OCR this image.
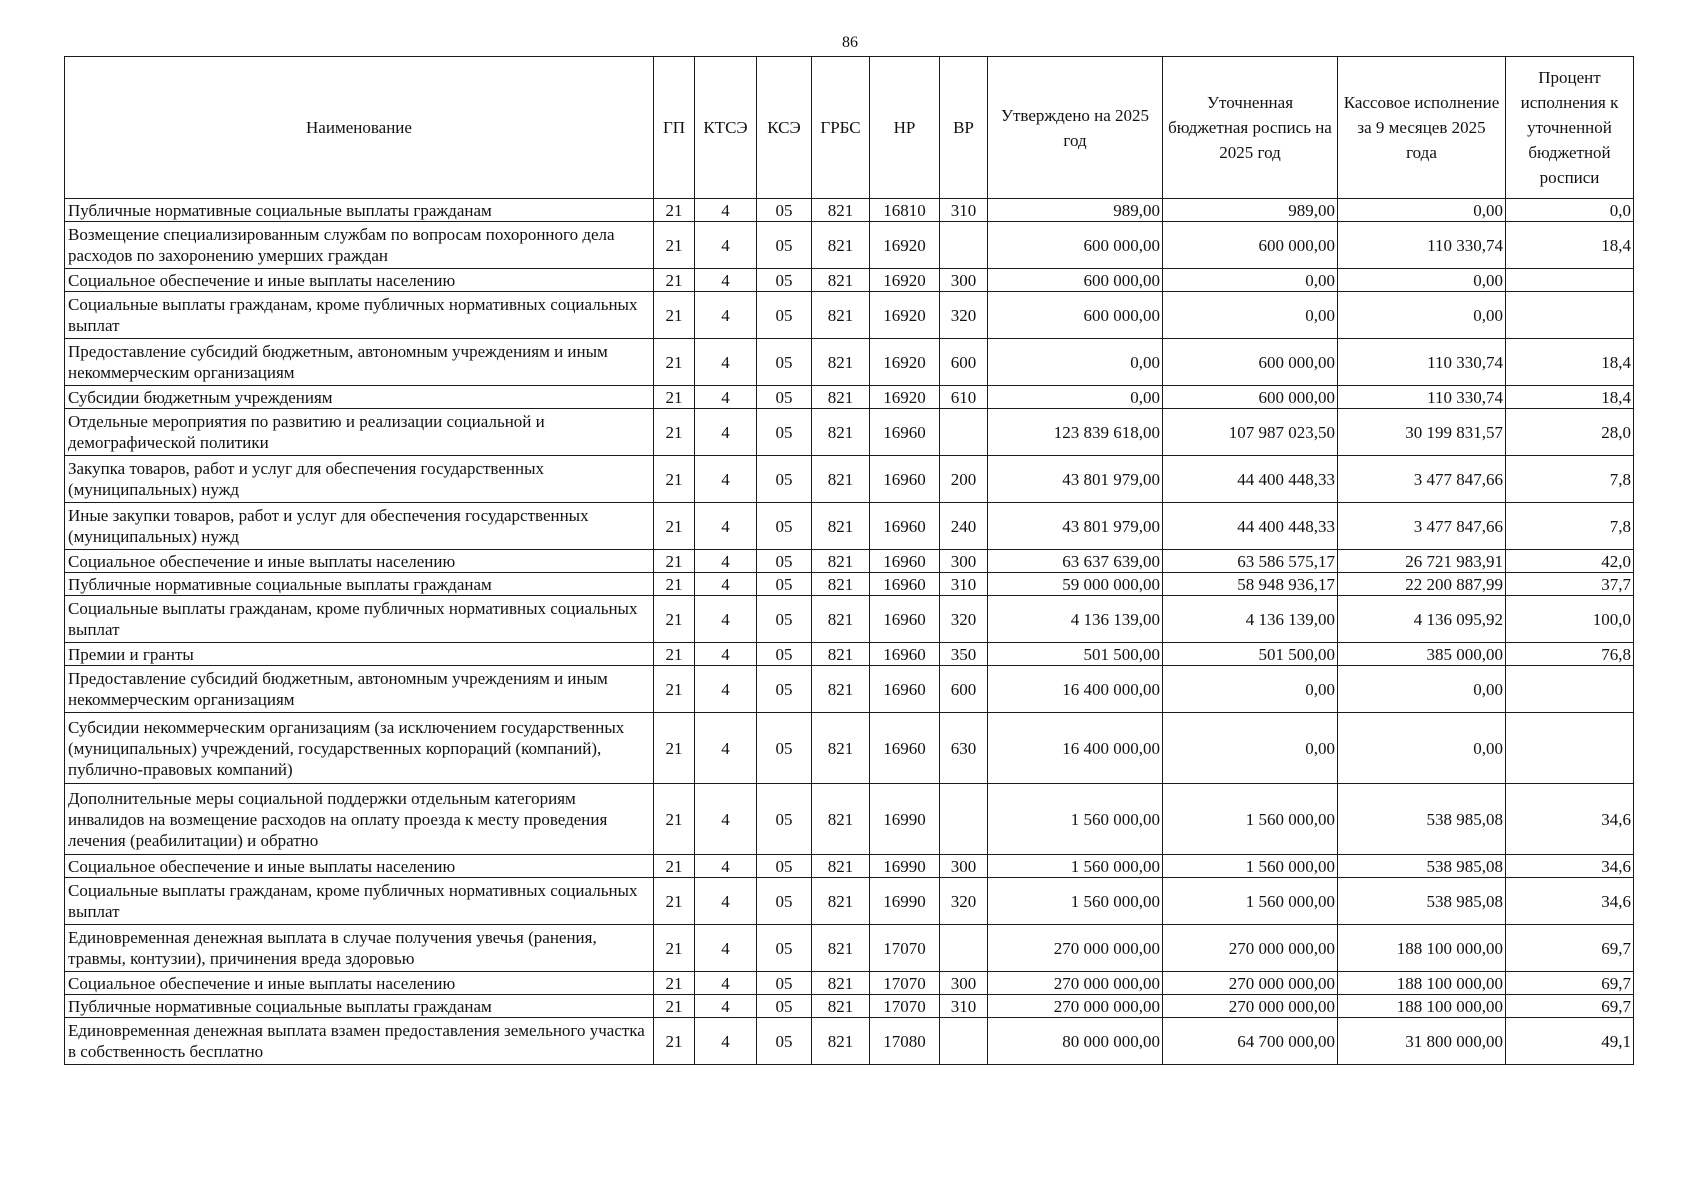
86
Наименование	ГП	КТСЭ	КСЭ	ГРБС	НР	ВР	Утверждено на 2025 год	Уточненная бюджетная роспись на 2025 год	Кассовое исполнение за 9 месяцев 2025 года	Процент исполнения к уточненной бюджетной росписи
Публичные нормативные социальные выплаты гражданам	21	4	05	821	16810	310	989,00	989,00	0,00	0,0
Возмещение специализированным службам по вопросам похоронного дела расходов по захоронению умерших граждан	21	4	05	821	16920		600 000,00	600 000,00	110 330,74	18,4
Социальное обеспечение и иные выплаты населению	21	4	05	821	16920	300	600 000,00	0,00	0,00	
Социальные выплаты гражданам, кроме публичных нормативных социальных выплат	21	4	05	821	16920	320	600 000,00	0,00	0,00	
Предоставление субсидий бюджетным, автономным учреждениям и иным некоммерческим организациям	21	4	05	821	16920	600	0,00	600 000,00	110 330,74	18,4
Субсидии бюджетным учреждениям	21	4	05	821	16920	610	0,00	600 000,00	110 330,74	18,4
Отдельные мероприятия по развитию и реализации социальной и демографической политики	21	4	05	821	16960		123 839 618,00	107 987 023,50	30 199 831,57	28,0
Закупка товаров, работ и услуг для обеспечения государственных (муниципальных) нужд	21	4	05	821	16960	200	43 801 979,00	44 400 448,33	3 477 847,66	7,8
Иные закупки товаров, работ и услуг для обеспечения государственных (муниципальных) нужд	21	4	05	821	16960	240	43 801 979,00	44 400 448,33	3 477 847,66	7,8
Социальное обеспечение и иные выплаты населению	21	4	05	821	16960	300	63 637 639,00	63 586 575,17	26 721 983,91	42,0
Публичные нормативные социальные выплаты гражданам	21	4	05	821	16960	310	59 000 000,00	58 948 936,17	22 200 887,99	37,7
Социальные выплаты гражданам, кроме публичных нормативных социальных выплат	21	4	05	821	16960	320	4 136 139,00	4 136 139,00	4 136 095,92	100,0
Премии и гранты	21	4	05	821	16960	350	501 500,00	501 500,00	385 000,00	76,8
Предоставление субсидий бюджетным, автономным учреждениям и иным некоммерческим организациям	21	4	05	821	16960	600	16 400 000,00	0,00	0,00	
Субсидии некоммерческим организациям (за исключением государственных (муниципальных) учреждений, государственных корпораций (компаний), публично-правовых компаний)	21	4	05	821	16960	630	16 400 000,00	0,00	0,00	
Дополнительные меры социальной поддержки отдельным категориям инвалидов на возмещение расходов на оплату проезда к месту проведения лечения (реабилитации) и обратно	21	4	05	821	16990		1 560 000,00	1 560 000,00	538 985,08	34,6
Социальное обеспечение и иные выплаты населению	21	4	05	821	16990	300	1 560 000,00	1 560 000,00	538 985,08	34,6
Социальные выплаты гражданам, кроме публичных нормативных социальных выплат	21	4	05	821	16990	320	1 560 000,00	1 560 000,00	538 985,08	34,6
Единовременная денежная выплата в случае получения увечья (ранения, травмы, контузии), причинения вреда здоровью	21	4	05	821	17070		270 000 000,00	270 000 000,00	188 100 000,00	69,7
Социальное обеспечение и иные выплаты населению	21	4	05	821	17070	300	270 000 000,00	270 000 000,00	188 100 000,00	69,7
Публичные нормативные социальные выплаты гражданам	21	4	05	821	17070	310	270 000 000,00	270 000 000,00	188 100 000,00	69,7
Единовременная денежная выплата взамен предоставления земельного участка в собственность бесплатно	21	4	05	821	17080		80 000 000,00	64 700 000,00	31 800 000,00	49,1
